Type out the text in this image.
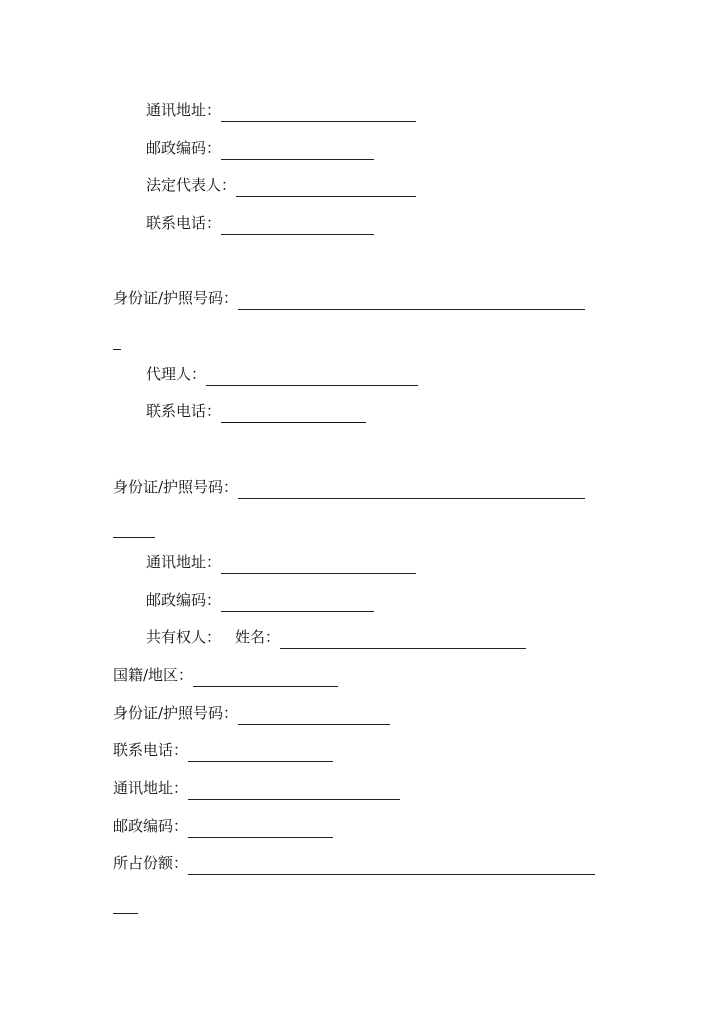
通讯地址：
邮政编码：
法定代表人：
联系电话：
身份证/护照号码：
代理人：
联系电话：
身份证/护照号码：
通讯地址：
邮政编码：
共有权人： 姓名：
国籍/地区：
身份证/护照号码：
联系电话：
通讯地址：
邮政编码：
所占份额：
